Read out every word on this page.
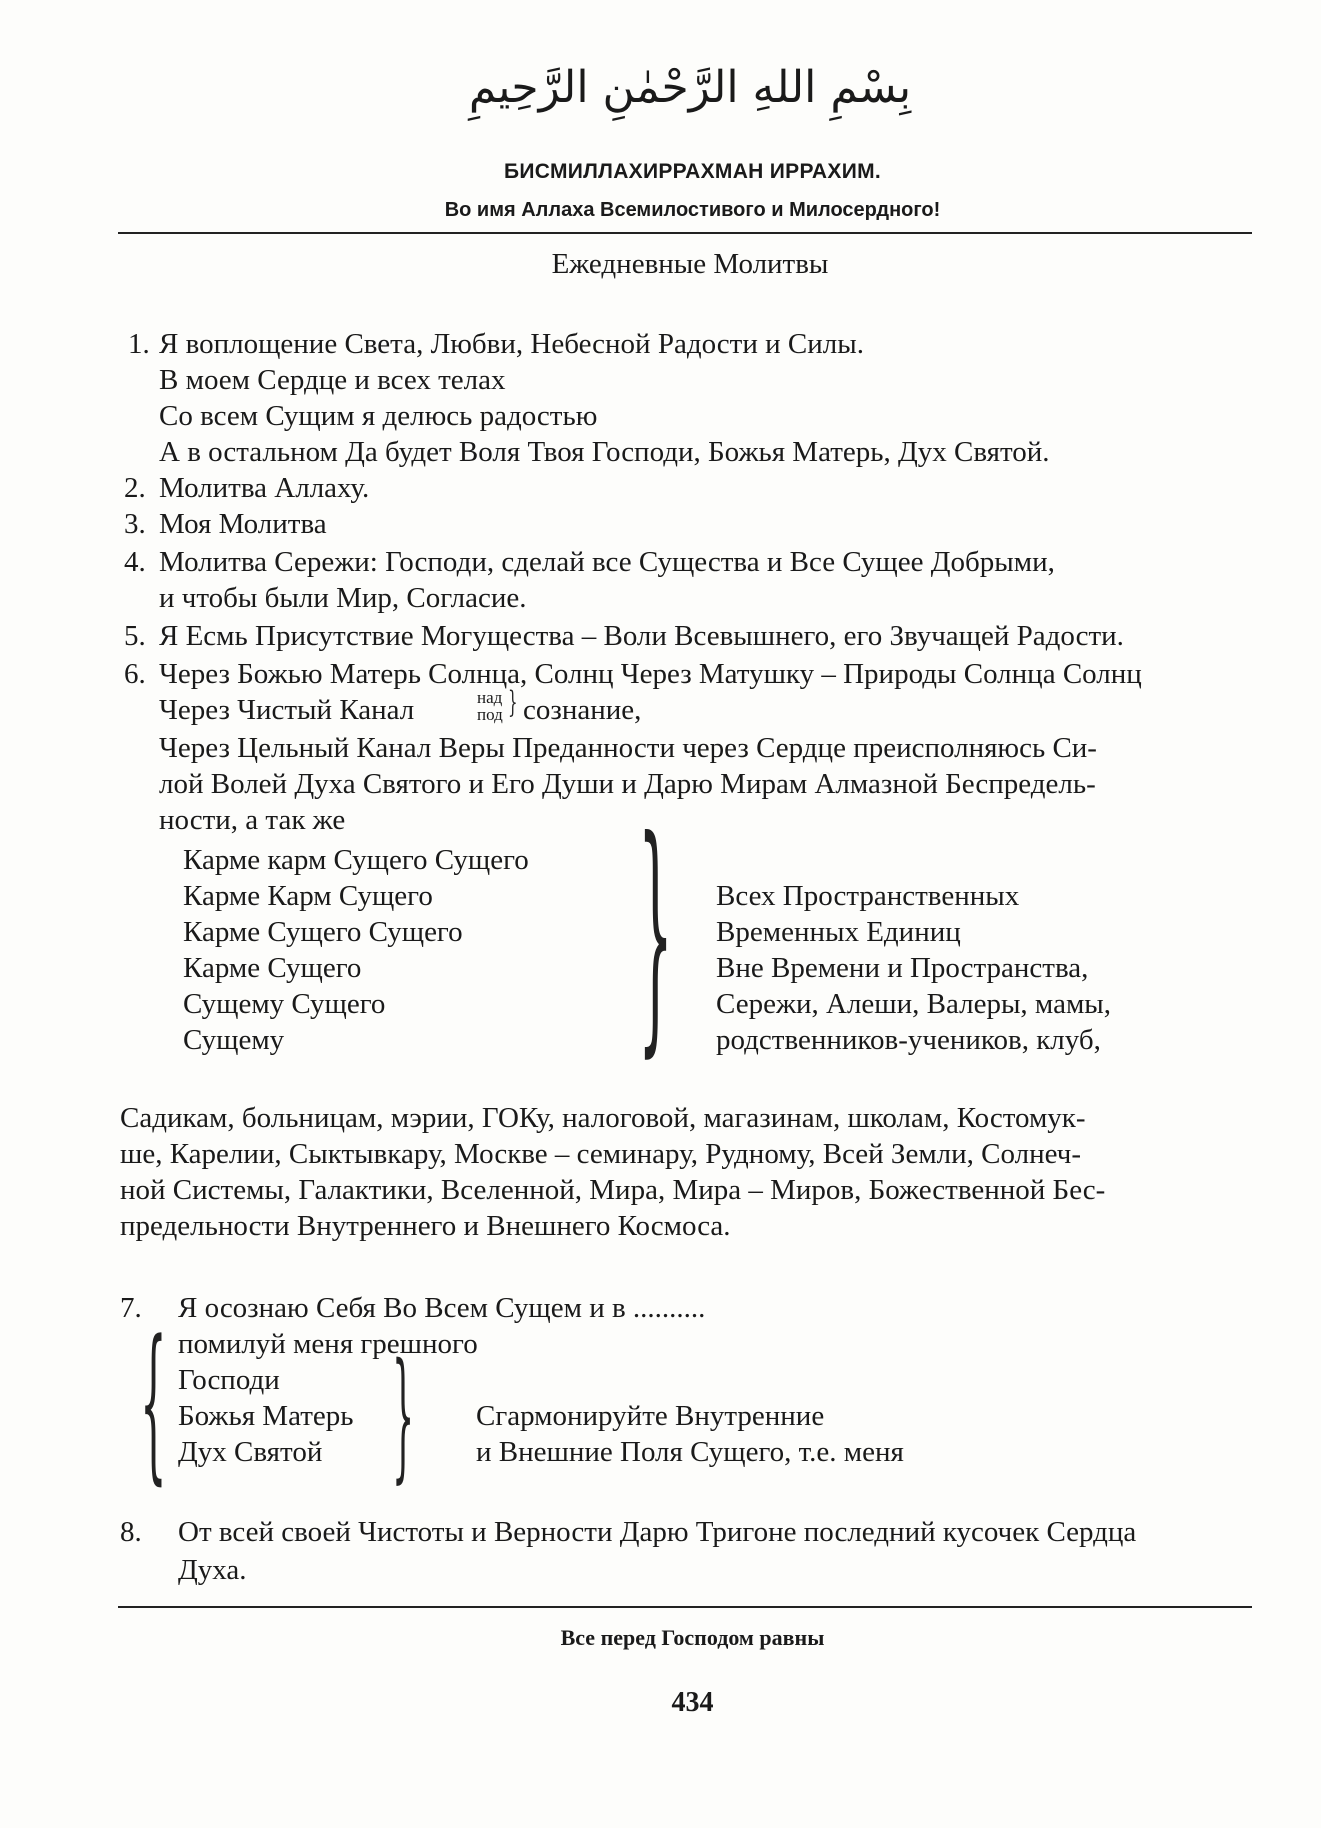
بِسْمِ اللهِ الرَّحْمٰنِ الرَّحِيمِ
БИСМИЛЛАХИРРАХМАН ИРРАХИМ.
Во имя Аллаха Всемилостивого и Милосердного!
Ежедневные Молитвы
1. Я воплощение Света, Любви, Небесной Радости и Силы.
В моем Сердце и всех телах
Со всем Сущим я делюсь радостью
А в остальном Да будет Воля Твоя Господи, Божья Матерь, Дух Святой.
2. Молитва Аллаху.
3. Моя Молитва
4. Молитва Сережи: Господи, сделай все Существа и Все Сущее Добрыми,
и чтобы были Мир, Согласие.
5. Я Есмь Присутствие Могущества – Воли Всевышнего, его Звучащей Радости.
6. Через Божью Матерь Солнца, Солнц Через Матушку – Природы Солнца Солнц
Через Чистый Канал	над
под } сознание,
Через Цельный Канал Веры Преданности через Сердце преисполняюсь Си-
лой Волей Духа Святого и Его Души и Дарю Мирам Алмазной Беспредель-
ности, а так же
Карме карм Сущего Сущего
Карме Карм Сущего
Карме Сущего Сущего
Карме Сущего
Сущему Сущего
Сущему } Всех Пространственных
Временных Единиц
Вне Времени и Пространства,
Сережи, Алеши, Валеры, мамы,
родственников-учеников, клуб,
Садикам, больницам, мэрии, ГОКу, налоговой, магазинам, школам, Костомук-
ше, Карелии, Сыктывкару, Москве – семинару, Рудному, Всей Земли, Солнеч-
ной Системы, Галактики, Вселенной, Мира, Мира – Миров, Божественной Бес-
предельности Внутреннего и Внешнего Космоса.
7. Я осознаю Себя Во Всем Сущем и в ..........
{ помилуй меня грешного
Господи
Божья Матерь
Дух Святой } Сгармонируйте Внутренние
и Внешние Поля Сущего, т.е. меня
8. От всей своей Чистоты и Верности Дарю Тригоне последний кусочек Сердца
Духа.
Все перед Господом равны
434
